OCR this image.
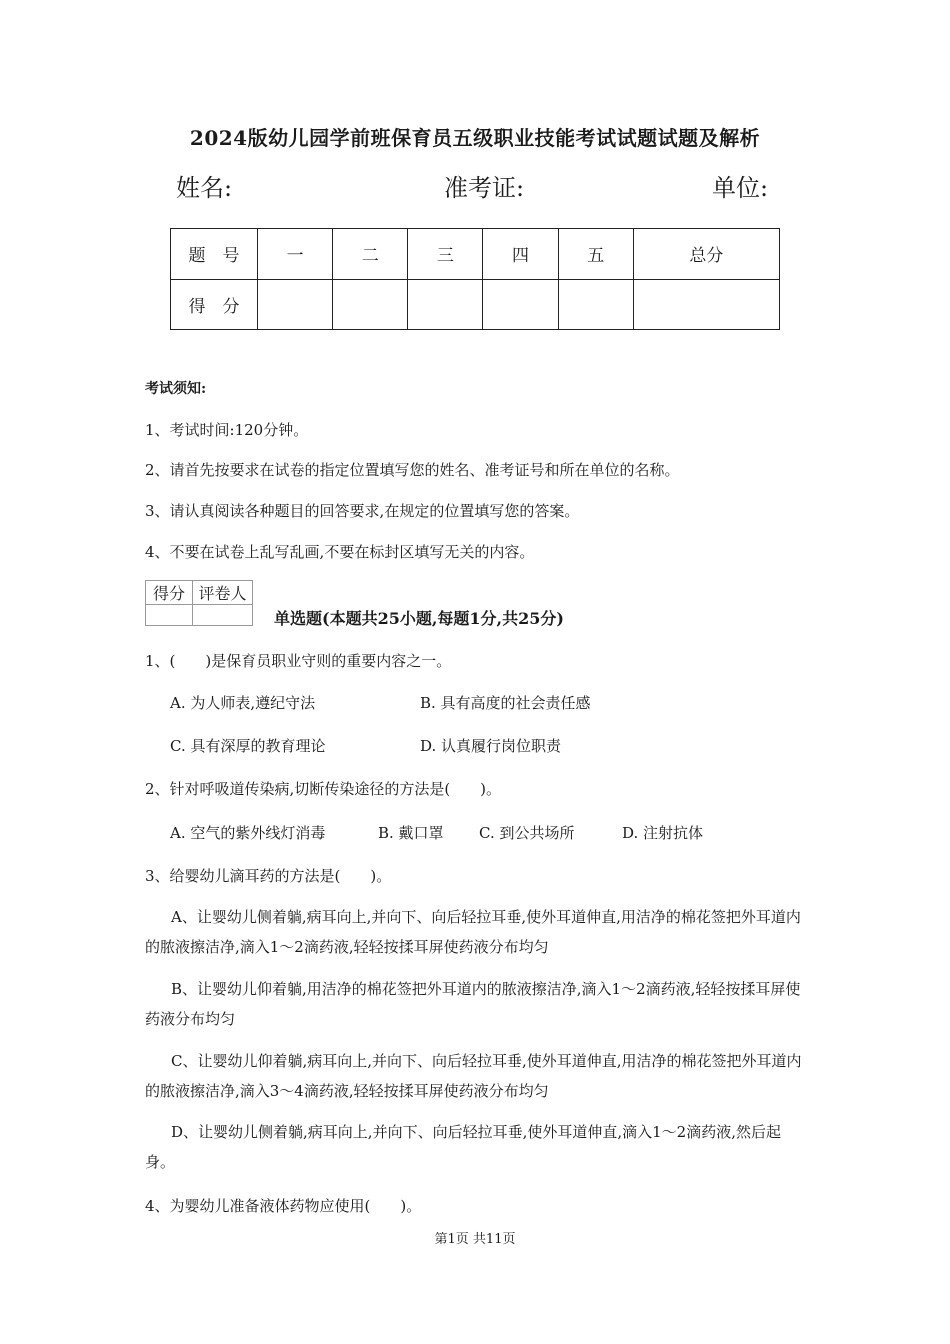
2024版幼儿园学前班保育员五级职业技能考试试题试题及解析
姓名:	准考证:	单位:
题　号	一	二	三	四	五	总分
得　分						
考试须知:
1、考试时间:120分钟。
2、请首先按要求在试卷的指定位置填写您的姓名、准考证号和所在单位的名称。
3、请认真阅读各种题目的回答要求,在规定的位置填写您的答案。
4、不要在试卷上乱写乱画,不要在标封区填写无关的内容。
得分	评卷人

单选题(本题共25小题,每题1分,共25分)
1、(　　)是保育员职业守则的重要内容之一。
A. 为人师表,遵纪守法	B. 具有高度的社会责任感
C. 具有深厚的教育理论	D. 认真履行岗位职责
2、针对呼吸道传染病,切断传染途径的方法是(　　)。
A. 空气的紫外线灯消毒	B. 戴口罩 C. 到公共场所	D. 注射抗体
3、给婴幼儿滴耳药的方法是(　　)。
A、让婴幼儿侧着躺,病耳向上,并向下、向后轻拉耳垂,使外耳道伸直,用洁净的棉花签把外耳道内的脓液擦洁净,滴入1～2滴药液,轻轻按揉耳屏使药液分布均匀
B、让婴幼儿仰着躺,用洁净的棉花签把外耳道内的脓液擦洁净,滴入1～2滴药液,轻轻按揉耳屏使药液分布均匀
C、让婴幼儿仰着躺,病耳向上,并向下、向后轻拉耳垂,使外耳道伸直,用洁净的棉花签把外耳道内的脓液擦洁净,滴入3～4滴药液,轻轻按揉耳屏使药液分布均匀
D、让婴幼儿侧着躺,病耳向上,并向下、向后轻拉耳垂,使外耳道伸直,滴入1～2滴药液,然后起身。
4、为婴幼儿准备液体药物应使用(　　)。
第1页 共11页
